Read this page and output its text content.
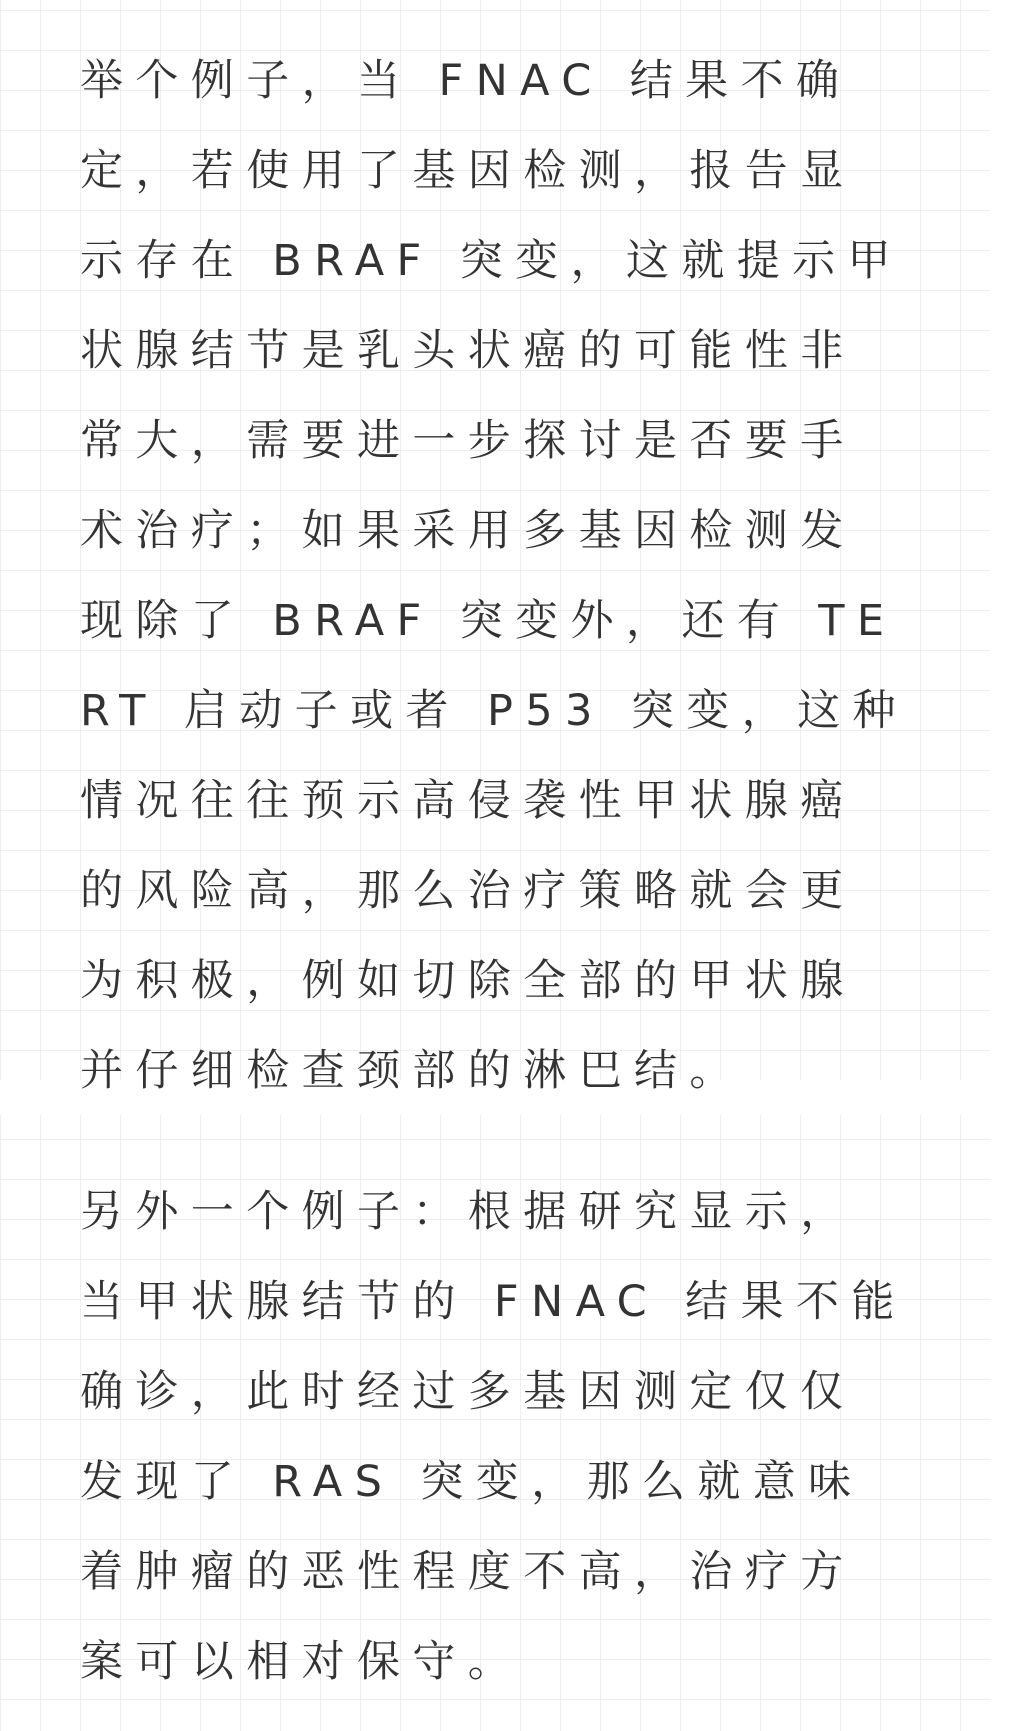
举个例子，当 FNAC 结果不确定，若使用了基因检测，报告显示存在 BRAF 突变，这就提示甲状腺结节是乳头状癌的可能性非常大，需要进一步探讨是否要手术治疗；如果采用多基因检测发现除了 BRAF 突变外，还有 TERT 启动子或者 P53 突变，这种情况往往预示高侵袭性甲状腺癌的风险高，那么治疗策略就会更为积极，例如切除全部的甲状腺并仔细检查颈部的淋巴结。

另外一个例子：根据研究显示，当甲状腺结节的 FNAC 结果不能确诊，此时经过多基因测定仅仅发现了 RAS 突变，那么就意味着肿瘤的恶性程度不高，治疗方案可以相对保守。
